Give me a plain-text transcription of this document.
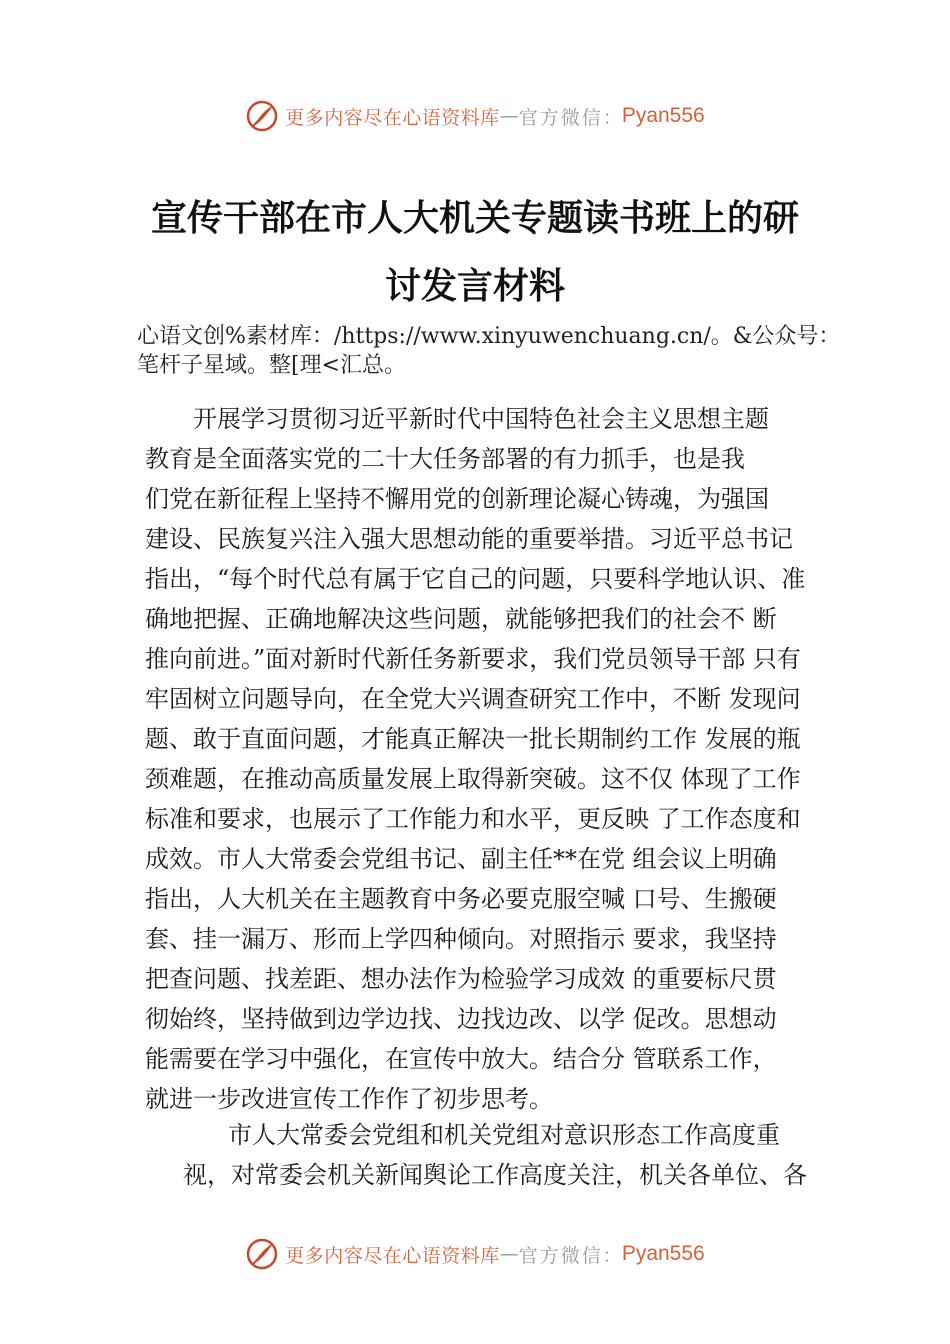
更多内容尽在心语资料库 — 官方微信 ： Pyan556
宣传干部在市人大机关专题读书班上的研
讨发言材料
心语文创%素材库：/https://www.xinyuwenchuang.cn/。&公众号：笔杆子星域。整[理<汇总。
开展学习贯彻习近平新时代中国特色社会主义思想主题
教育是全面落实党的二十大任务部署的有力抓手，也是我
们党在新征程上坚持不懈用党的创新理论凝心铸魂，为强国
建设、民族复兴注入强大思想动能的重要举措。习近平总书记
指出，“每个时代总有属于它自己的问题，只要科学地认识、准
确地把握、正确地解决这些问题，就能够把我们的社会不 断
推向前进。”面对新时代新任务新要求，我们党员领导干部 只有
牢固树立问题导向，在全党大兴调查研究工作中，不断 发现问
题、敢于直面问题，才能真正解决一批长期制约工作 发展的瓶
颈难题，在推动高质量发展上取得新突破。这不仅 体现了工作
标准和要求，也展示了工作能力和水平，更反映 了工作态度和
成效。市人大常委会党组书记、副主任**在党 组会议上明确
指出，人大机关在主题教育中务必要克服空喊 口号、生搬硬
套、挂一漏万、形而上学四种倾向。对照指示 要求，我坚持
把查问题、找差距、想办法作为检验学习成效 的重要标尺贯
彻始终，坚持做到边学边找、边找边改、以学 促改。思想动
能需要在学习中强化，在宣传中放大。结合分 管联系工作，
就进一步改进宣传工作作了初步思考。
市人大常委会党组和机关党组对意识形态工作高度重
视，对常委会机关新闻舆论工作高度关注，机关各单位、各
更多内容尽在心语资料库 — 官方微信 ： Pyan556
